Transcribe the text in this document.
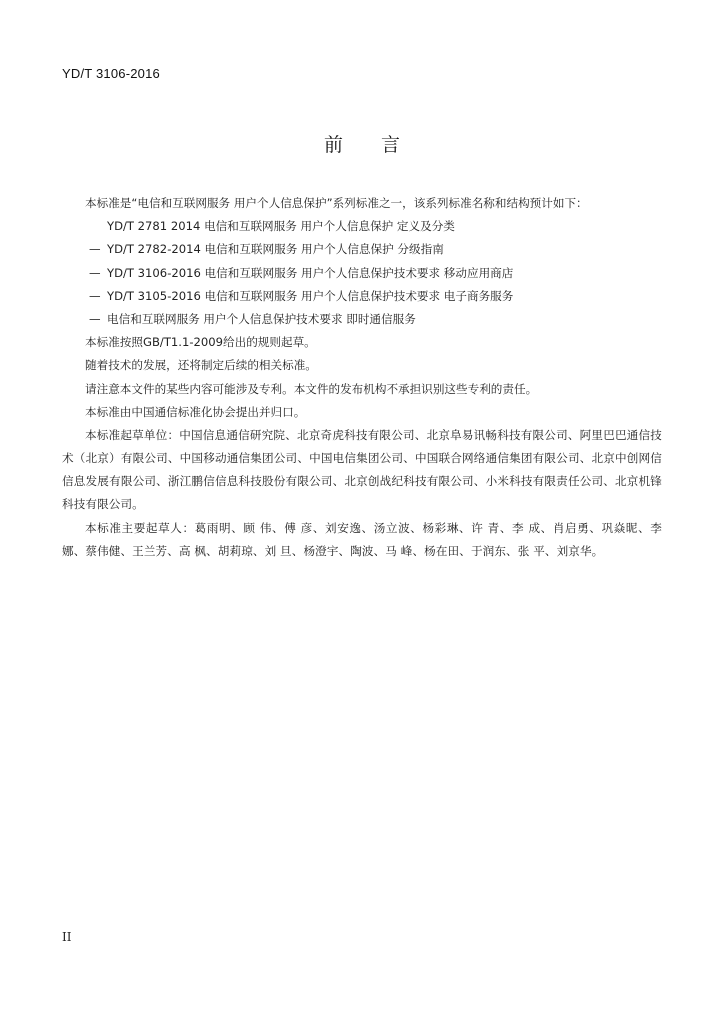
YD/T 3106-2016
前 言
本标准是“电信和互联网服务 用户个人信息保护”系列标准之一，该系列标准名称和结构预计如下：
YD/T 2781 2014 电信和互联网服务 用户个人信息保护 定义及分类
— YD/T 2782-2014 电信和互联网服务 用户个人信息保护 分级指南
— YD/T 3106-2016 电信和互联网服务 用户个人信息保护技术要求 移动应用商店
— YD/T 3105-2016 电信和互联网服务 用户个人信息保护技术要求 电子商务服务
— 电信和互联网服务 用户个人信息保护技术要求 即时通信服务
本标准按照GB/T1.1-2009给出的规则起草。
随着技术的发展，还将制定后续的相关标准。
请注意本文件的某些内容可能涉及专利。本文件的发布机构不承担识别这些专利的责任。
本标准由中国通信标准化协会提出并归口。
本标准起草单位：中国信息通信研究院、北京奇虎科技有限公司、北京阜易讯畅科技有限公司、阿里巴巴通信技术（北京）有限公司、中国移动通信集团公司、中国电信集团公司、中国联合网络通信集团有限公司、北京中创网信信息发展有限公司、浙江鹏信信息科技股份有限公司、北京创战纪科技有限公司、小米科技有限责任公司、北京机锋科技有限公司。
本标准主要起草人：葛雨明、顾 伟、傅 彦、刘安逸、汤立波、杨彩琳、许 青、李 成、肖启勇、巩焱昵、李 娜、蔡伟健、王兰芳、高 枫、胡莉琼、刘 旦、杨澄宇、陶波、马 峰、杨在田、于润东、张 平、刘京华。
II
